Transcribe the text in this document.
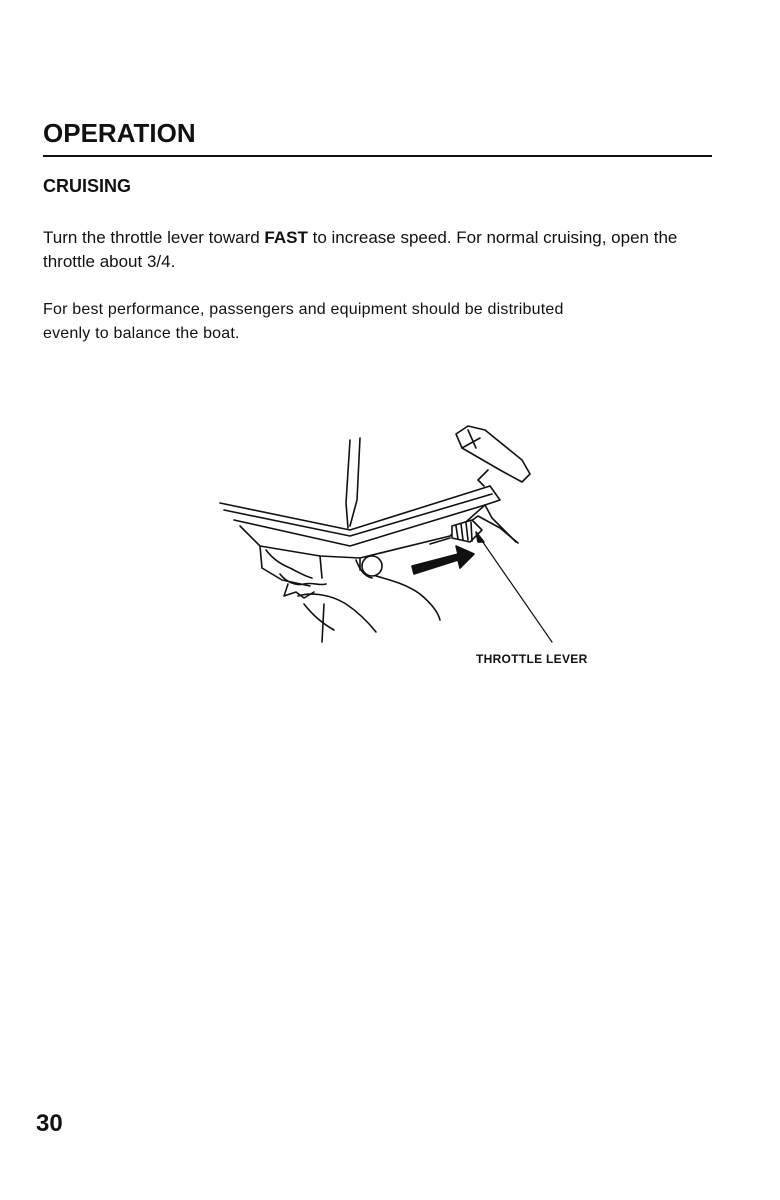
OPERATION
CRUISING

Turn the throttle lever toward FAST to increase speed. For normal cruising, open the throttle about 3/4.

For best performance, passengers and equipment should be distributed
evenly to balance the boat.

THROTTLE LEVER
30
